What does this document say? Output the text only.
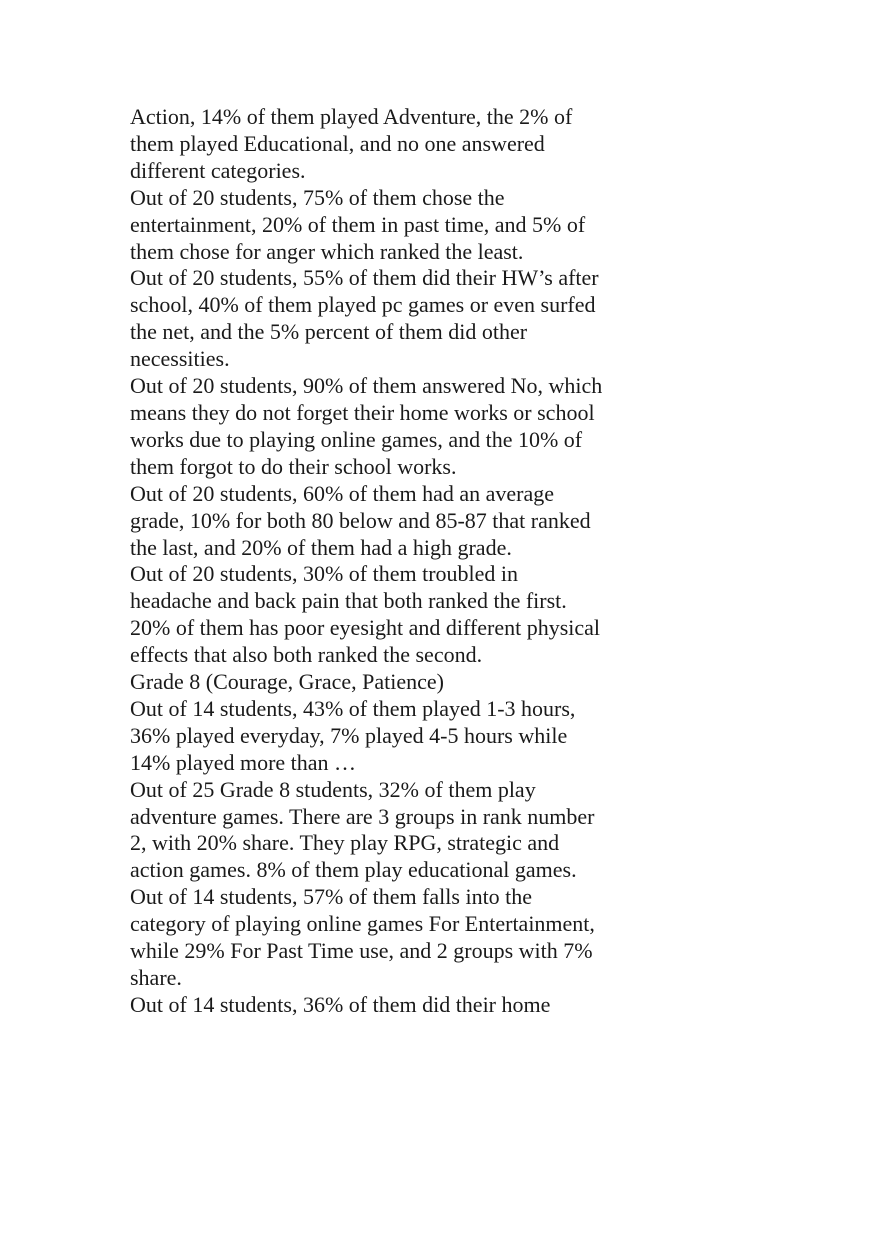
Action, 14% of them played Adventure, the 2% of
them played Educational, and no one answered
different categories.
Out of 20 students, 75% of them chose the
entertainment, 20% of them in past time, and 5% of
them chose for anger which ranked the least.
Out of 20 students, 55% of them did their HW’s after
school, 40% of them played pc games or even surfed
the net, and the 5% percent of them did other
necessities.
Out of 20 students, 90% of them answered No, which
means they do not forget their home works or school
works due to playing online games, and the 10% of
them forgot to do their school works.
Out of 20 students, 60% of them had an average
grade, 10% for both 80 below and 85-87 that ranked
the last, and 20% of them had a high grade.
Out of 20 students, 30% of them troubled in
headache and back pain that both ranked the first.
20% of them has poor eyesight and different physical
effects that also both ranked the second.
Grade 8 (Courage, Grace, Patience)
Out of 14 students, 43% of them played 1-3 hours,
36% played everyday, 7% played 4-5 hours while
14% played more than …
Out of 25 Grade 8 students, 32% of them play
adventure games. There are 3 groups in rank number
2, with 20% share. They play RPG, strategic and
action games. 8% of them play educational games.
Out of 14 students, 57% of them falls into the
category of playing online games For Entertainment,
while 29% For Past Time use, and 2 groups with 7%
share.
Out of 14 students, 36% of them did their home
